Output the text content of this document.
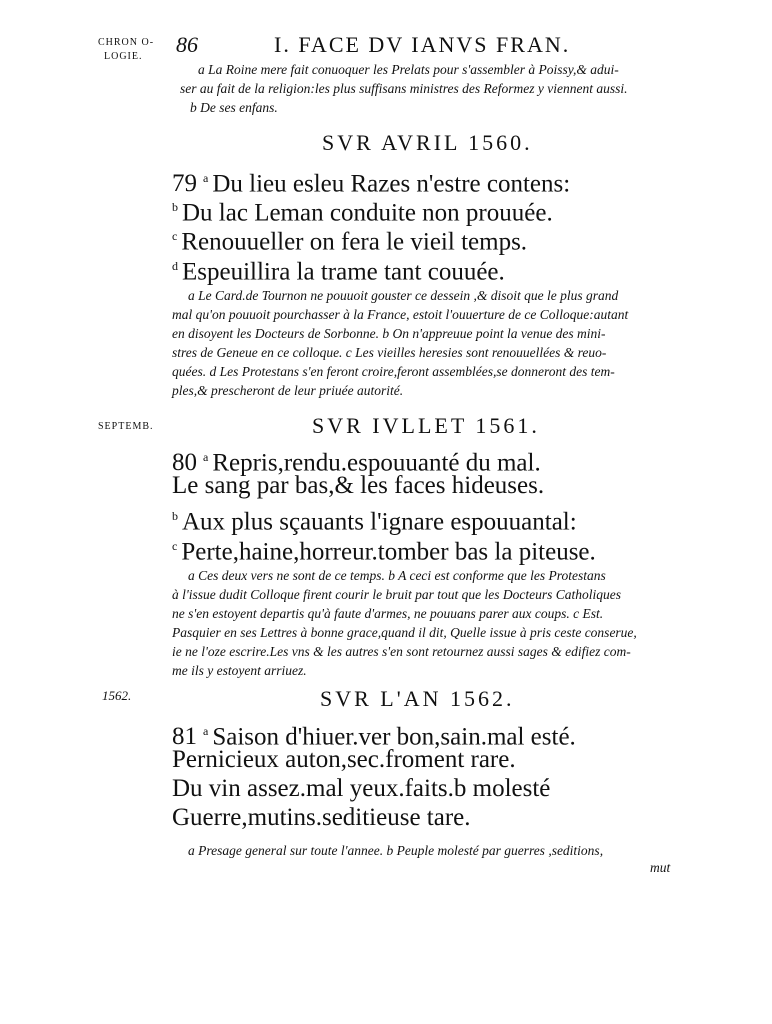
CHRON O-
LOGIE.	86	I. FACE DV IANVS FRAN.
a La Roine mere fait conuoquer les Prelats pour s'assembler à Poissy,& adui-
ser au fait de la religion:les plus suffisans ministres des Reformez y viennent aussi.
b De ses enfans.
SVR AVRIL 1560.
79 $^a$ Du lieu esleu Razes n'estre contens:
$^b$ Du lac Leman conduite non prouuée.
$^c$ Renouueller on fera le vieil temps.
$^d$ Espeuillira la trame tant couuée.
a Le Card.de Tournon ne pouuoit gouster ce dessein ,& disoit que le plus grand
mal qu'on pouuoit pourchasser à la France, estoit l'ouuerture de ce Colloque:autant
en disoyent les Docteurs de Sorbonne. b On n'appreuue point la venue des mini-
stres de Geneue en ce colloque. c Les vieilles heresies sont renouuellées & reuo-
quées. d Les Protestans s'en feront croire,feront assemblées,se donneront des tem-
ples,& prescheront de leur priuée autorité.
SEPTEMB.	SVR IVLLET 1561.
80 $^a$ Repris,rendu.espouuanté du mal.
Le sang par bas,& les faces hideuses.
$^b$ Aux plus sçauants l'ignare espouuantal:
$^c$ Perte,haine,horreur.tomber bas la piteuse.
a Ces deux vers ne sont de ce temps. b A ceci est conforme que les Protestans
à l'issue dudit Colloque firent courir le bruit par tout que les Docteurs Catholiques
ne s'en estoyent departis qu'à faute d'armes, ne pouuans parer aux coups. c Est.
Pasquier en ses Lettres à bonne grace,quand il dit, Quelle issue à pris ceste conserue,
ie ne l'oze escrire.Les vns & les autres s'en sont retournez aussi sages & edifiez com-
me ils y estoyent arriuez.
1562.	SVR L'AN 1562.
81 $^a$ Saison d'hiuer.ver bon,sain.mal esté.
Pernicieux auton,sec.froment rare.
Du vin assez.mal yeux.faits.b molesté
Guerre,mutins.seditieuse tare.
a Presage general sur toute l'annee. b Peuple molesté par guerres ,seditions,
mut
